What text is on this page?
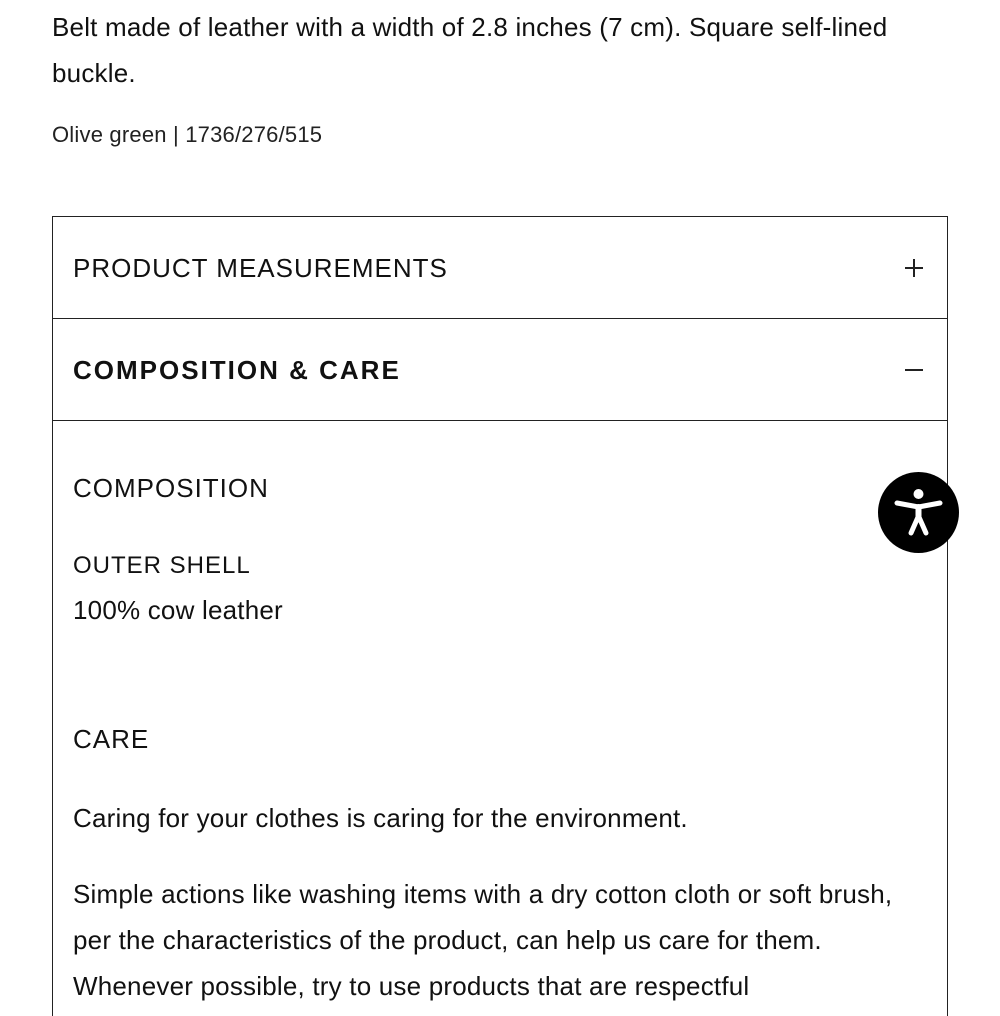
Belt made of leather with a width of 2.8 inches (7 cm). Square self-lined buckle.
Olive green | 1736/276/515
PRODUCT MEASUREMENTS
COMPOSITION & CARE
COMPOSITION
OUTER SHELL
100% cow leather
CARE
Caring for your clothes is caring for the environment.
Simple actions like washing items with a dry cotton cloth or soft brush, per the characteristics of the product, can help us care for them. Whenever possible, try to use products that are respectful
